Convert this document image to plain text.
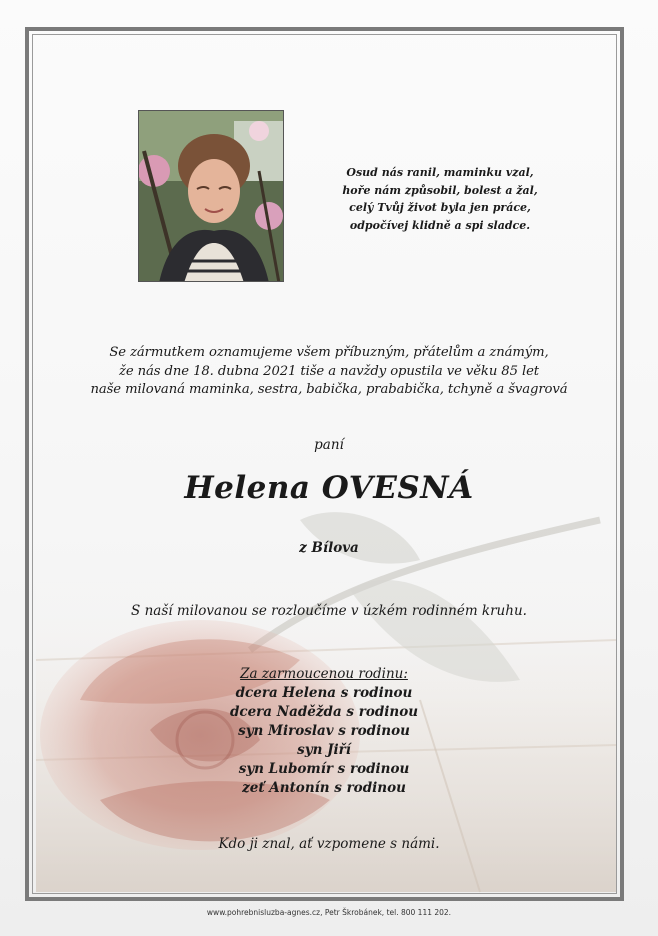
Osud nás ranil, maminku vzal,
hoře nám způsobil, bolest a žal,
celý Tvůj život byla jen práce,
odpočívej klidně a spi sladce.
Se zármutkem oznamujeme všem příbuzným, přátelům a známým,
že nás dne 18. dubna 2021 tiše a navždy opustila ve věku 85 let
naše milovaná maminka, sestra, babička, prababička, tchyně a švagrová
paní
Helena OVESNÁ
z Bílova
S naší milovanou se rozloučíme v úzkém rodinném kruhu.
Za zarmoucenou rodinu:
dcera Helena s rodinou
dcera Naděžda s rodinou
syn Miroslav s rodinou
syn Jiří
syn Lubomír s rodinou
zeť Antonín s rodinou
Kdo ji znal, ať vzpomene s námi.
www.pohrebnisluzba-agnes.cz, Petr Škrobánek, tel. 800 111 202.
